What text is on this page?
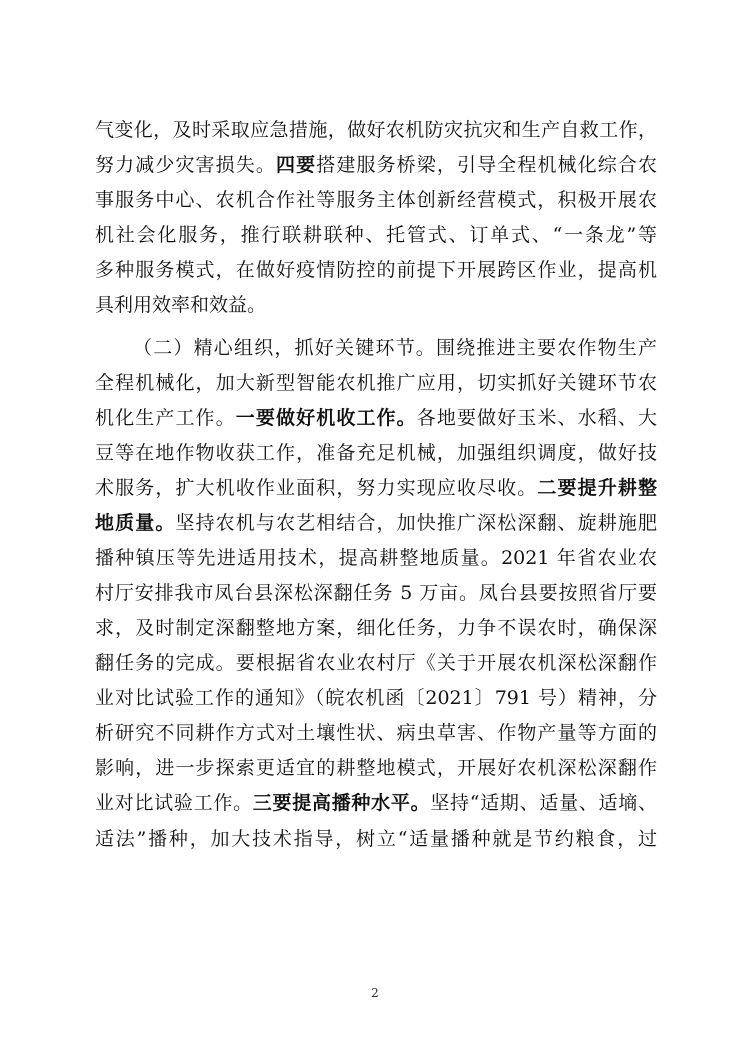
气变化，及时采取应急措施，做好农机防灾抗灾和生产自救工作，
努力减少灾害损失。四要搭建服务桥梁，引导全程机械化综合农
事服务中心、农机合作社等服务主体创新经营模式，积极开展农
机社会化服务，推行联耕联种、托管式、订单式、“一条龙”等
多种服务模式，在做好疫情防控的前提下开展跨区作业，提高机
具利用效率和效益。
（二）精心组织，抓好关键环节。围绕推进主要农作物生产
全程机械化，加大新型智能农机推广应用，切实抓好关键环节农
机化生产工作。一要做好机收工作。各地要做好玉米、水稻、大
豆等在地作物收获工作，准备充足机械，加强组织调度，做好技
术服务，扩大机收作业面积，努力实现应收尽收。二要提升耕整
地质量。坚持农机与农艺相结合，加快推广深松深翻、旋耕施肥
播种镇压等先进适用技术，提高耕整地质量。2021 年省农业农
村厅安排我市凤台县深松深翻任务 5 万亩。凤台县要按照省厅要
求，及时制定深翻整地方案，细化任务，力争不误农时，确保深
翻任务的完成。要根据省农业农村厅《关于开展农机深松深翻作
业对比试验工作的通知》（皖农机函〔2021〕791 号）精神，分
析研究不同耕作方式对土壤性状、病虫草害、作物产量等方面的
影响，进一步探索更适宜的耕整地模式，开展好农机深松深翻作
业对比试验工作。三要提高播种水平。坚持“适期、适量、适墒、
适法”播种，加大技术指导，树立“适量播种就是节约粮食，过
2
